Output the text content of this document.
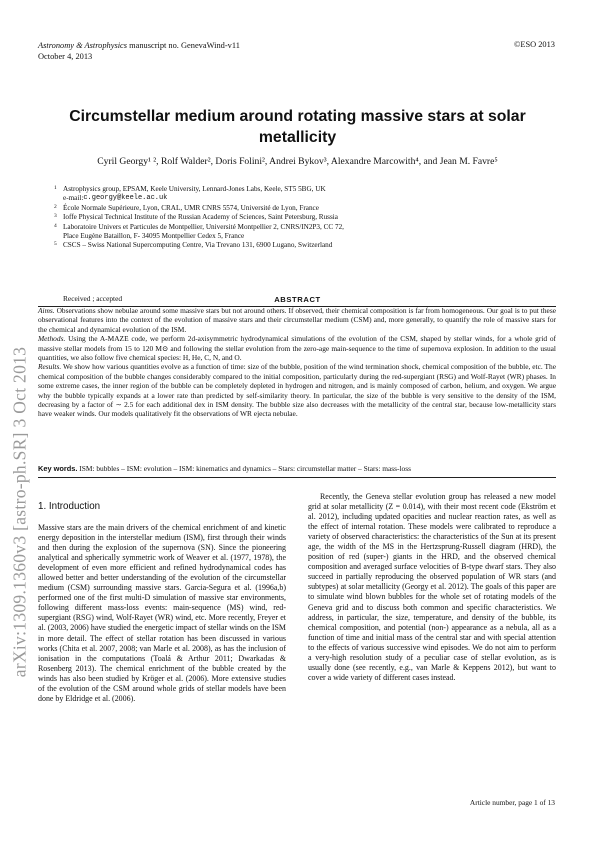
Astronomy & Astrophysics manuscript no. GenevaWind-v11
October 4, 2013
©ESO 2013
arXiv:1309.1360v3 [astro-ph.SR] 3 Oct 2013
Circumstellar medium around rotating massive stars at solar metallicity
Cyril Georgy¹ ², Rolf Walder², Doris Folini², Andrei Bykov³, Alexandre Marcowith⁴, and Jean M. Favre⁵
1 Astrophysics group, EPSAM, Keele University, Lennard-Jones Labs, Keele, ST5 5BG, UK
e-mail: c.georgy@keele.ac.uk
2 École Normale Supérieure, Lyon, CRAL, UMR CNRS 5574, Université de Lyon, France
3 Ioffe Physical Technical Institute of the Russian Academy of Sciences, Saint Petersburg, Russia
4 Laboratoire Univers et Particules de Montpellier, Université Montpellier 2, CNRS/IN2P3, CC 72,
Place Eugène Bataillon, F- 34095 Montpellier Cedex 5, France
5 CSCS – Swiss National Supercomputing Centre, Via Trevano 131, 6900 Lugano, Switzerland
Received ; accepted	ABSTRACT

Aims. Observations show nebulae around some massive stars but not around others. If observed, their chemical composition is far from homogeneous. Our goal is to put these observational features into the context of the evolution of massive stars and their circumstellar medium (CSM) and, more generally, to quantify the role of massive stars for the chemical and dynamical evolution of the ISM.

Methods. Using the A-MAZE code, we perform 2d-axisymmetric hydrodynamical simulations of the evolution of the CSM, shaped by stellar winds, for a whole grid of massive stellar models from 15 to 120 M⊙ and following the stellar evolution from the zero-age main-sequence to the time of supernova explosion. In addition to the usual quantities, we also follow five chemical species: H, He, C, N, and O.

Results. We show how various quantities evolve as a function of time: size of the bubble, position of the wind termination shock, chemical composition of the bubble, etc. The chemical composition of the bubble changes considerably compared to the initial composition, particularly during the red-supergiant (RSG) and Wolf-Rayet (WR) phases. In some extreme cases, the inner region of the bubble can be completely depleted in hydrogen and nitrogen, and is mainly composed of carbon, helium, and oxygen. We argue why the bubble typically expands at a lower rate than predicted by self-similarity theory. In particular, the size of the bubble is very sensitive to the density of the ISM, decreasing by a factor of ∼ 2.5 for each additional dex in ISM density. The bubble size also decreases with the metallicity of the central star, because low-metallicity stars have weaker winds. Our models qualitatively fit the observations of WR ejecta nebulae.

Key words. ISM: bubbles – ISM: evolution – ISM: kinematics and dynamics – Stars: circumstellar matter – Stars: mass-loss
1. Introduction

Massive stars are the main drivers of the chemical enrichment of and kinetic energy deposition in the interstellar medium (ISM), first through their winds and then during the explosion of the supernova (SN). Since the pioneering analytical and spherically symmetric work of Weaver et al. (1977, 1978), the development of even more efficient and refined hydrodynamical codes has allowed better and better understanding of the evolution of the circumstellar medium (CSM) surrounding massive stars. Garcia-Segura et al. (1996a,b) performed one of the first multi-D simulation of massive star environments, following different mass-loss events: main-sequence (MS) wind, red-supergiant (RSG) wind, Wolf-Rayet (WR) wind, etc. More recently, Freyer et al. (2003, 2006) have studied the energetic impact of stellar winds on the ISM in more detail. The effect of stellar rotation has been discussed in various works (Chita et al. 2007, 2008; van Marle et al. 2008), as has the inclusion of ionisation in the computations (Toalá & Arthur 2011; Dwarkadas & Rosenberg 2013). The chemical enrichment of the bubble created by the winds has also been studied by Kröger et al. (2006). More extensive studies of the evolution of the CSM around whole grids of stellar models have been done by Eldridge et al. (2006).

Recently, the Geneva stellar evolution group has released a new model grid at solar metallicity (Z = 0.014), with their most recent code (Ekström et al. 2012), including updated opacities and nuclear reaction rates, as well as the effect of internal rotation. These models were calibrated to reproduce a variety of observed characteristics: the characteristics of the Sun at its present age, the width of the MS in the Hertzsprung-Russell diagram (HRD), the position of red (super-) giants in the HRD, and the observed chemical composition and averaged surface velocities of B-type dwarf stars. They also succeed in partially reproducing the observed population of WR stars (and subtypes) at solar metallicity (Georgy et al. 2012). The goals of this paper are to simulate wind blown bubbles for the whole set of rotating models of the Geneva grid and to discuss both common and specific characteristics. We address, in particular, the size, temperature, and density of the bubble, its chemical composition, and potential (non-) appearance as a nebula, all as a function of time and initial mass of the central star and with special attention to the effects of various successive wind episodes. We do not aim to perform a very-high resolution study of a peculiar case of stellar evolution, as is usually done (see recently, e.g., van Marle & Keppens 2012), but want to cover a wide variety of different cases instead.

Article number, page 1 of 13
